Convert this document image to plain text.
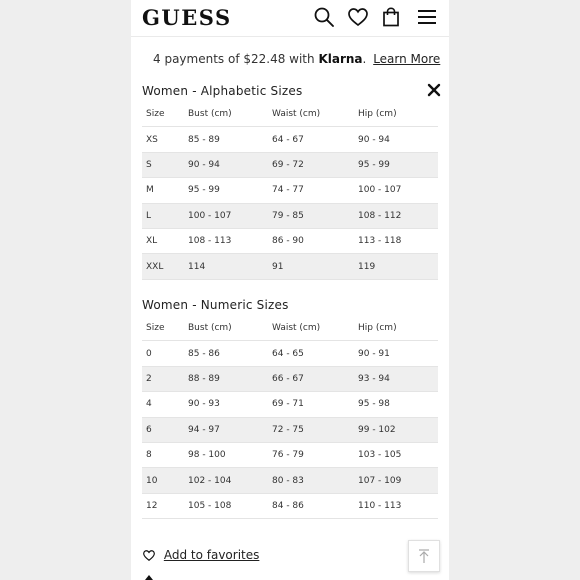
GUESS
4 payments of $22.48 with Klarna. Learn More
Women - Alphabetic Sizes
Size	Bust (cm)	Waist (cm)	Hip (cm)
XS	85 - 89	64 - 67	90 - 94
S	90 - 94	69 - 72	95 - 99
M	95 - 99	74 - 77	100 - 107
L	100 - 107	79 - 85	108 - 112
XL	108 - 113	86 - 90	113 - 118
XXL	114	91	119
Women - Numeric Sizes
Size	Bust (cm)	Waist (cm)	Hip (cm)
0	85 - 86	64 - 65	90 - 91
2	88 - 89	66 - 67	93 - 94
4	90 - 93	69 - 71	95 - 98
6	94 - 97	72 - 75	99 - 102
8	98 - 100	76 - 79	103 - 105
10	102 - 104	80 - 83	107 - 109
12	105 - 108	84 - 86	110 - 113
Add to favorites
